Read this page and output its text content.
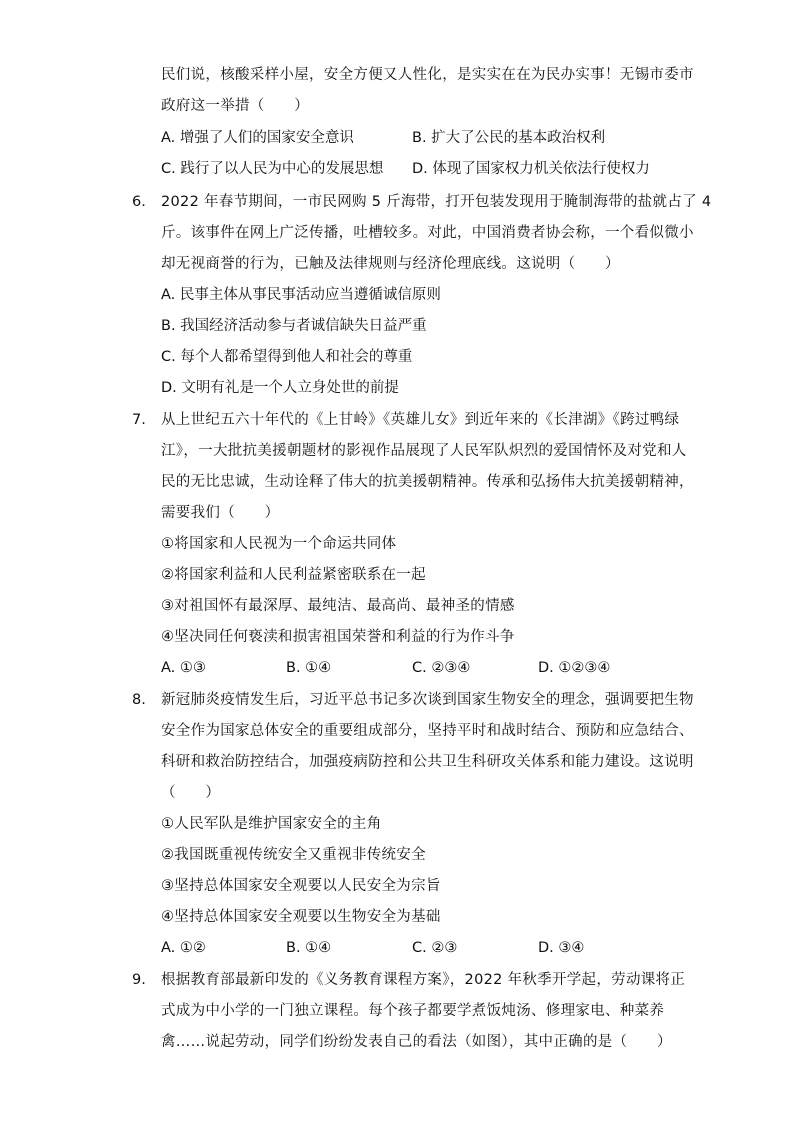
民们说，核酸采样小屋，安全方便又人性化，是实实在在为民办实事！无锡市委市
政府这一举措（　　）
A. 增强了人们的国家安全意识	B. 扩大了公民的基本政治权利
C. 践行了以人民为中心的发展思想 D. 体现了国家权力机关依法行使权力
6. 2022 年春节期间，一市民网购 5 斤海带，打开包装发现用于腌制海带的盐就占了 4
斤。该事件在网上广泛传播，吐槽较多。对此，中国消费者协会称，一个看似微小
却无视商誉的行为，已触及法律规则与经济伦理底线。这说明（　　）
A. 民事主体从事民事活动应当遵循诚信原则
B. 我国经济活动参与者诚信缺失日益严重
C. 每个人都希望得到他人和社会的尊重
D. 文明有礼是一个人立身处世的前提
7. 从上世纪五六十年代的《上甘岭》《英雄儿女》到近年来的《长津湖》《跨过鸭绿
江》，一大批抗美援朝题材的影视作品展现了人民军队炽烈的爱国情怀及对党和人
民的无比忠诚，生动诠释了伟大的抗美援朝精神。传承和弘扬伟大抗美援朝精神，
需要我们（　　）
①将国家和人民视为一个命运共同体
②将国家利益和人民利益紧密联系在一起
③对祖国怀有最深厚、最纯洁、最高尚、最神圣的情感
④坚决同任何亵渎和损害祖国荣誉和利益的行为作斗争
A. ①③	B. ①④	C. ②③④	D. ①②③④
8. 新冠肺炎疫情发生后，习近平总书记多次谈到国家生物安全的理念，强调要把生物
安全作为国家总体安全的重要组成部分，坚持平时和战时结合、预防和应急结合、
科研和救治防控结合，加强疫病防控和公共卫生科研攻关体系和能力建设。这说明
（　　）
①人民军队是维护国家安全的主角
②我国既重视传统安全又重视非传统安全
③坚持总体国家安全观要以人民安全为宗旨
④坚持总体国家安全观要以生物安全为基础
A. ①②	B. ①④	C. ②③	D. ③④
9. 根据教育部最新印发的《义务教育课程方案》，2022 年秋季开学起，劳动课将正
式成为中小学的一门独立课程。每个孩子都要学煮饭炖汤、修理家电、种菜养
禽……说起劳动，同学们纷纷发表自己的看法（如图），其中正确的是（　　）
